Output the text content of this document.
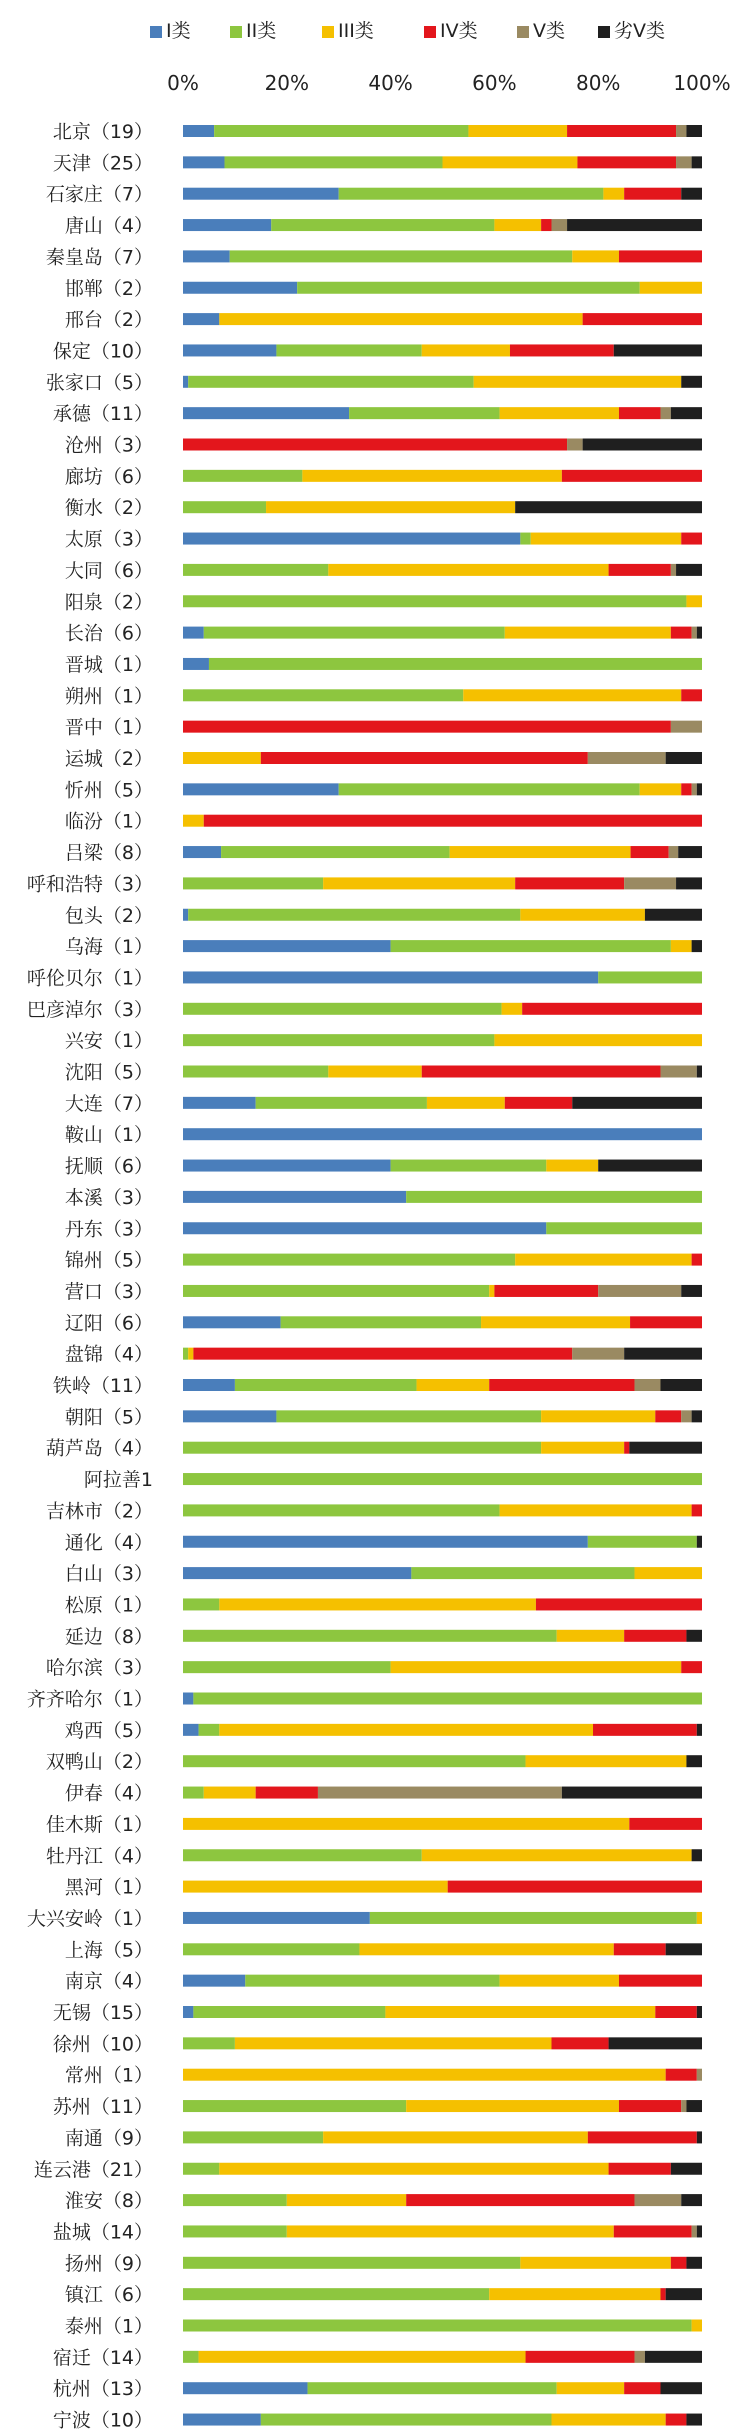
I类	II类	III类	IV类	V类	劣V类
0%	20%	40%	60%	80%	100%
北京（19）
天津（25）
石家庄（7）
唐山（4）
秦皇岛（7）
邯郸（2）
邢台（2）
保定（10）
张家口（5）
承德（11）
沧州（3）
廊坊（6）
衡水（2）
太原（3）
大同（6）
阳泉（2）
长治（6）
晋城（1）
朔州（1）
晋中（1）
运城（2）
忻州（5）
临汾（1）
吕梁（8）
呼和浩特（3）
包头（2）
乌海（1）
呼伦贝尔（1）
巴彦淖尔（3）
兴安（1）
沈阳（5）
大连（7）
鞍山（1）
抚顺（6）
本溪（3）
丹东（3）
锦州（5）
营口（3）
辽阳（6）
盘锦（4）
铁岭（11）
朝阳（5）
葫芦岛（4）
阿拉善1
吉林市（2）
通化（4）
白山（3）
松原（1）
延边（8）
哈尔滨（3）
齐齐哈尔（1）
鸡西（5）
双鸭山（2）
伊春（4）
佳木斯（1）
牡丹江（4）
黑河（1）
大兴安岭（1）
上海（5）
南京（4）
无锡（15）
徐州（10）
常州（1）
苏州（11）
南通（9）
连云港（21）
淮安（8）
盐城（14）
扬州（9）
镇江（6）
泰州（1）
宿迁（14）
杭州（13）
宁波（10）
